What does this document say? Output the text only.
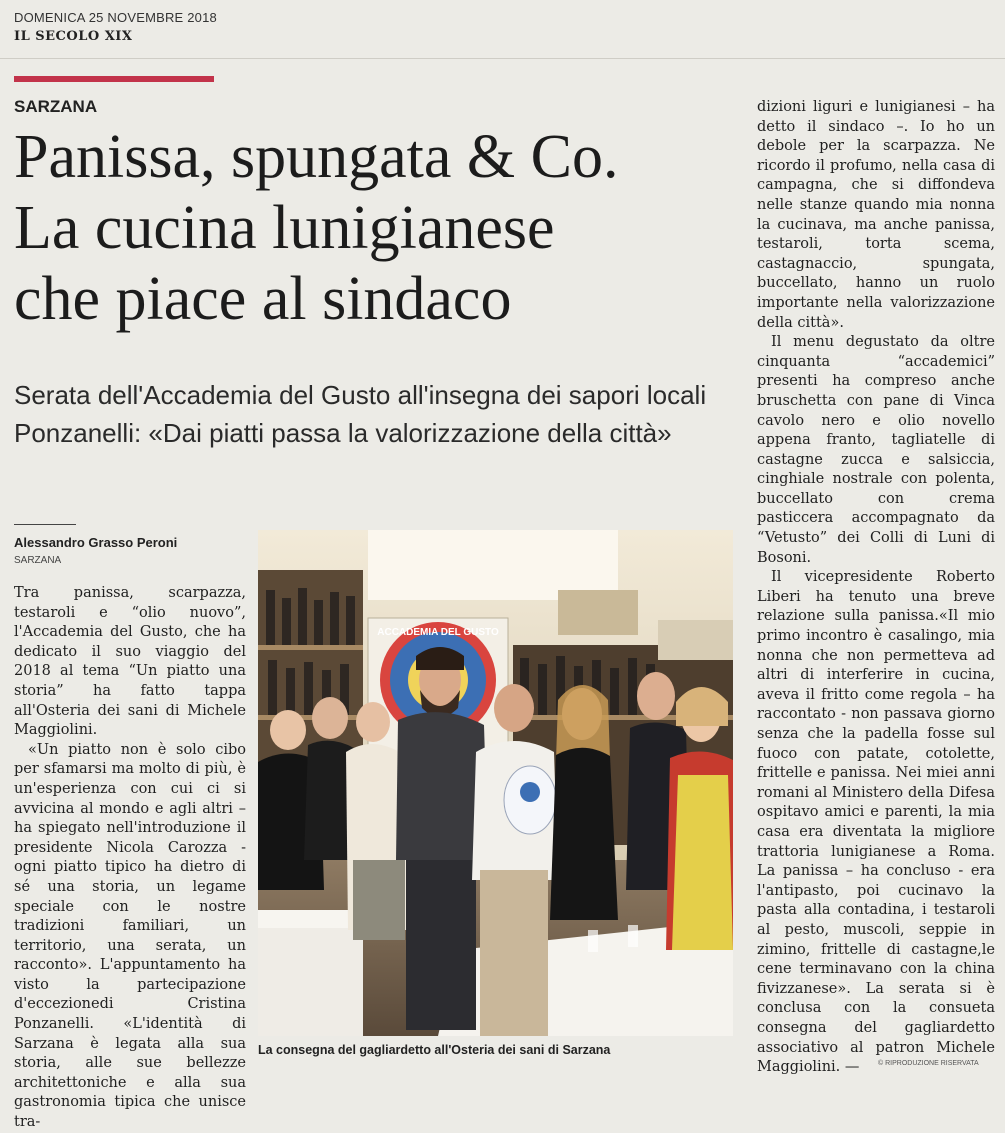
DOMENICA 25 NOVEMBRE 2018
IL SECOLO XIX
SARZANA
Panissa, spungata & Co.
La cucina lunigianese
che piace al sindaco
Serata dell'Accademia del Gusto all'insegna dei sapori locali
Ponzanelli: «Dai piatti passa la valorizzazione della città»
Alessandro Grasso Peroni
SARZANA

Tra panissa, scarpazza, testaroli e “olio nuovo”, l'Accademia del Gusto, che ha dedicato il suo viaggio del 2018 al tema “Un piatto una storia” ha fatto tappa all'Osteria dei sani di Michele Maggiolini.

«Un piatto non è solo cibo per sfamarsi ma molto di più, è un'esperienza con cui ci si avvicina al mondo e agli altri – ha spiegato nell'introduzione il presidente Nicola Carozza - ogni piatto tipico ha dietro di sé una storia, un legame speciale con le nostre tradizioni familiari, un territorio, una serata, un racconto». L'appuntamento ha visto la partecipazione d'eccezionedi Cristina Ponzanelli. «L'identità di Sarzana è legata alla sua storia, alle sue bellezze architettoniche e alla sua gastronomia tipica che unisce tra-

ACCADEMIA DEL GUSTO
La consegna del gagliardetto all'Osteria dei sani di Sarzana

dizioni liguri e lunigianesi – ha detto il sindaco –. Io ho un debole per la scarpazza. Ne ricordo il profumo, nella casa di campagna, che si diffondeva nelle stanze quando mia nonna la cucinava, ma anche panissa, testaroli, torta scema, castagnaccio, spungata, buccellato, hanno un ruolo importante nella valorizzazione della città».

Il menu degustato da oltre cinquanta “accademici” presenti ha compreso anche bruschetta con pane di Vinca cavolo nero e olio novello appena franto, tagliatelle di castagne zucca e salsiccia, cinghiale nostrale con polenta, buccellato con crema pasticcera accompagnato da “Vetusto” dei Colli di Luni di Bosoni.

Il vicepresidente Roberto Liberi ha tenuto una breve relazione sulla panissa.«Il mio primo incontro è casalingo, mia nonna che non permetteva ad altri di interferire in cucina, aveva il fritto come regola – ha raccontato - non passava giorno senza che la padella fosse sul fuoco con patate, cotolette, frittelle e panissa. Nei miei anni romani al Ministero della Difesa ospitavo amici e parenti, la mia casa era diventata la migliore trattoria lunigianese a Roma. La panissa – ha concluso - era l'antipasto, poi cucinavo la pasta alla contadina, i testaroli al pesto, muscoli, seppie in zimino, frittelle di castagne,le cene terminavano con la china fivizzanese». La serata si è conclusa con la consueta consegna del gagliardetto associativo al patron Michele Maggiolini. —	© RIPRODUZIONE RISERVATA
